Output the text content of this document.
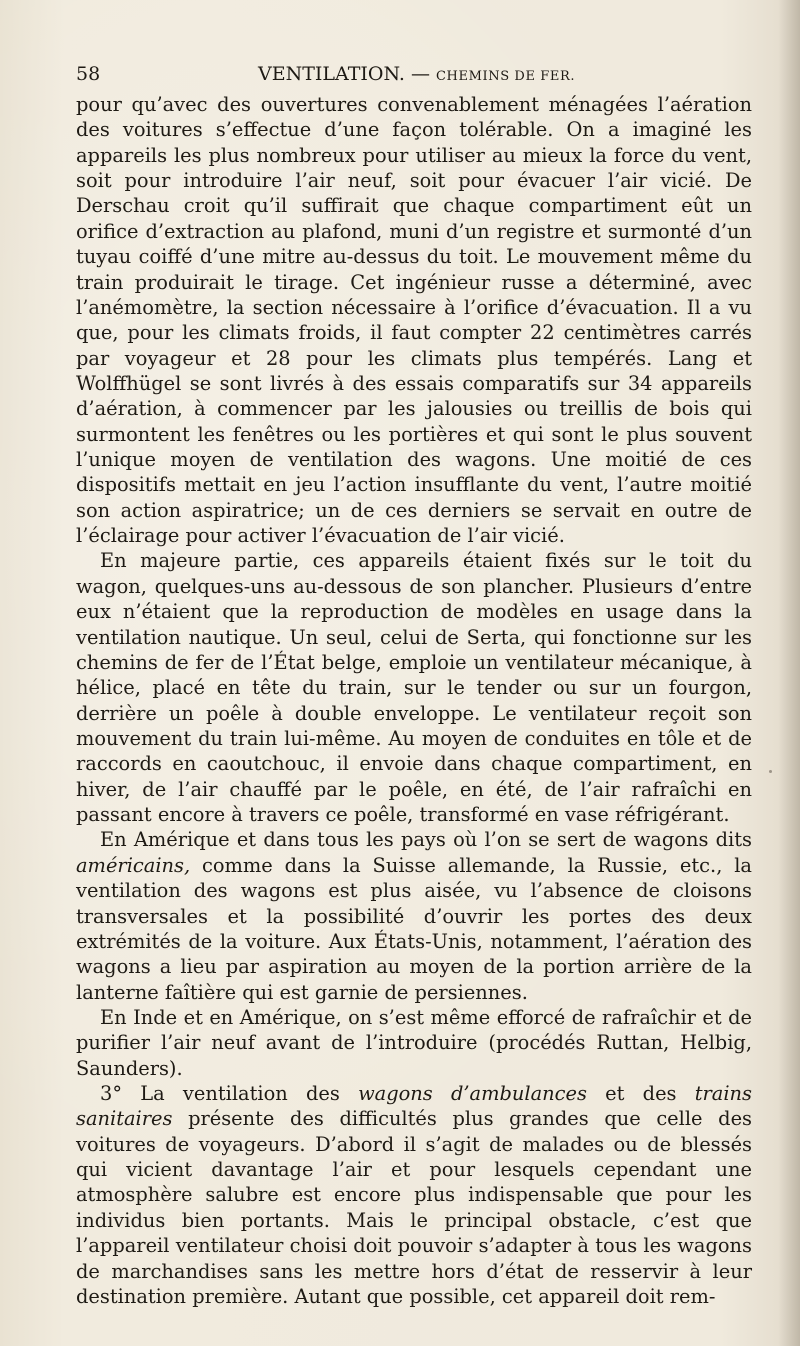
58	VENTILATION. — CHEMINS DE FER.

pour qu’avec des ouvertures convenablement ménagées l’aération des voitures s’effectue d’une façon tolérable. On a imaginé les appareils les plus nombreux pour utiliser au mieux la force du vent, soit pour introduire l’air neuf, soit pour évacuer l’air vicié. De Derschau croit qu’il suffirait que chaque compartiment eût un orifice d’extraction au plafond, muni d’un registre et surmonté d’un tuyau coiffé d’une mitre au-dessus du toit. Le mouvement même du train produirait le tirage. Cet ingénieur russe a déterminé, avec l’anémomètre, la section nécessaire à l’orifice d’évacuation. Il a vu que, pour les climats froids, il faut compter 22 centimètres carrés par voyageur et 28 pour les climats plus tempérés. Lang et Wolffhügel se sont livrés à des essais comparatifs sur 34 appareils d’aération, à commencer par les jalousies ou treillis de bois qui surmontent les fenêtres ou les portières et qui sont le plus souvent l’unique moyen de ventilation des wagons. Une moitié de ces dispositifs mettait en jeu l’action insufflante du vent, l’autre moitié son action aspiratrice; un de ces derniers se servait en outre de l’éclairage pour activer l’évacuation de l’air vicié.

En majeure partie, ces appareils étaient fixés sur le toit du wagon, quelques-uns au-dessous de son plancher. Plusieurs d’entre eux n’étaient que la reproduction de modèles en usage dans la ventilation nautique. Un seul, celui de Serta, qui fonctionne sur les chemins de fer de l’État belge, emploie un ventilateur mécanique, à hélice, placé en tête du train, sur le tender ou sur un fourgon, derrière un poêle à double enveloppe. Le ventilateur reçoit son mouvement du train lui-même. Au moyen de conduites en tôle et de raccords en caoutchouc, il envoie dans chaque compartiment, en hiver, de l’air chauffé par le poêle, en été, de l’air rafraîchi en passant encore à travers ce poêle, transformé en vase réfrigérant.

En Amérique et dans tous les pays où l’on se sert de wagons dits américains, comme dans la Suisse allemande, la Russie, etc., la ventilation des wagons est plus aisée, vu l’absence de cloisons transversales et la possibilité d’ouvrir les portes des deux extrémités de la voiture. Aux États-Unis, notamment, l’aération des wagons a lieu par aspiration au moyen de la portion arrière de la lanterne faîtière qui est garnie de persiennes.

En Inde et en Amérique, on s’est même efforcé de rafraîchir et de purifier l’air neuf avant de l’introduire (procédés Ruttan, Helbig, Saunders).

3° La ventilation des wagons d’ambulances et des trains sanitaires présente des difficultés plus grandes que celle des voitures de voyageurs. D’abord il s’agit de malades ou de blessés qui vicient davantage l’air et pour lesquels cependant une atmosphère salubre est encore plus indispensable que pour les individus bien portants. Mais le principal obstacle, c’est que l’appareil ventilateur choisi doit pouvoir s’adapter à tous les wagons de marchandises sans les mettre hors d’état de resservir à leur destination première. Autant que possible, cet appareil doit rem-
